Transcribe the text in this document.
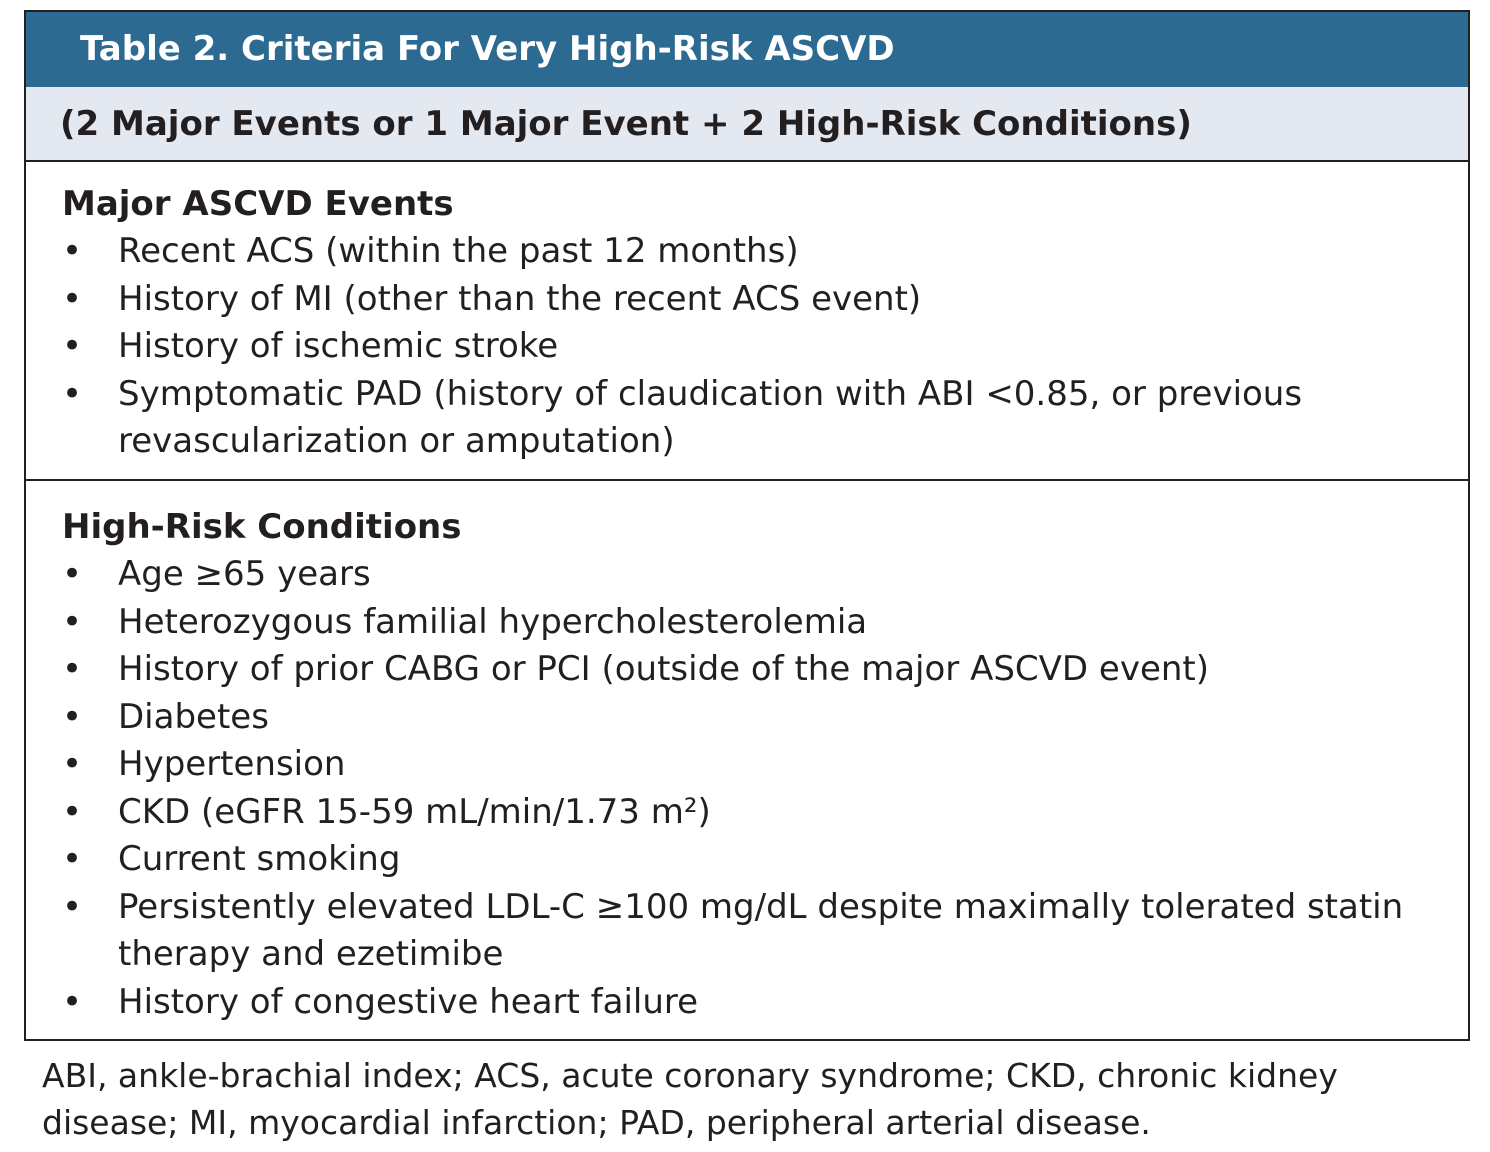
Table 2. Criteria For Very High-Risk ASCVD
(2 Major Events or 1 Major Event + 2 High-Risk Conditions)
Major ASCVD Events
• Recent ACS (within the past 12 months)
• History of MI (other than the recent ACS event)
• History of ischemic stroke
• Symptomatic PAD (history of claudication with ABI <0.85, or previous revascularization or amputation)
High-Risk Conditions
• Age ≥65 years
• Heterozygous familial hypercholesterolemia
• History of prior CABG or PCI (outside of the major ASCVD event)
• Diabetes
• Hypertension
• CKD (eGFR 15-59 mL/min/1.73 m²)
• Current smoking
• Persistently elevated LDL-C ≥100 mg/dL despite maximally tolerated statin therapy and ezetimibe
• History of congestive heart failure
ABI, ankle-brachial index; ACS, acute coronary syndrome; CKD, chronic kidney disease; MI, myocardial infarction; PAD, peripheral arterial disease.
